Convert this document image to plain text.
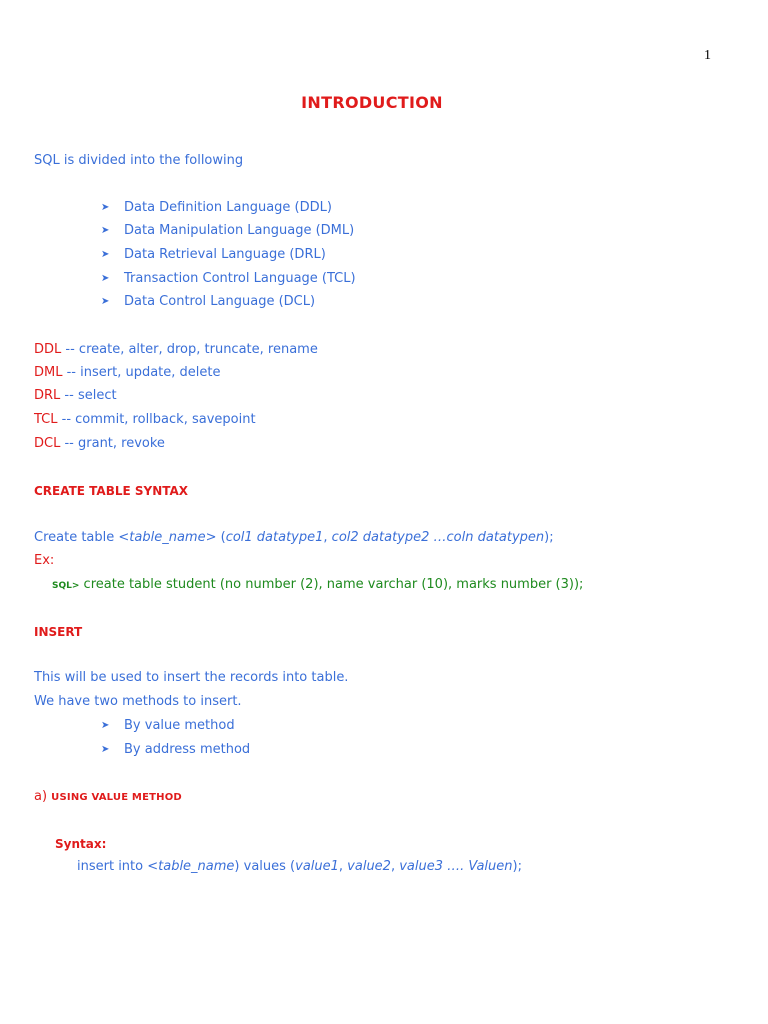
1
INTRODUCTION
SQL is divided into the following
➤ Data Definition Language (DDL)
➤ Data Manipulation Language (DML)
➤ Data Retrieval Language (DRL)
➤ Transaction Control Language (TCL)
➤ Data Control Language (DCL)
DDL -- create, alter, drop, truncate, rename
DML -- insert, update, delete
DRL -- select
TCL -- commit, rollback, savepoint
DCL -- grant, revoke
CREATE TABLE SYNTAX
Create table <table_name> (col1 datatype1, col2 datatype2 …coln datatypen);
Ex:
SQL> create table student (no number (2), name varchar (10), marks number (3));
INSERT
This will be used to insert the records into table.
We have two methods to insert.
➤ By value method
➤ By address method
a) USING VALUE METHOD
Syntax:
insert into <table_name) values (value1, value2, value3 …. Valuen);
